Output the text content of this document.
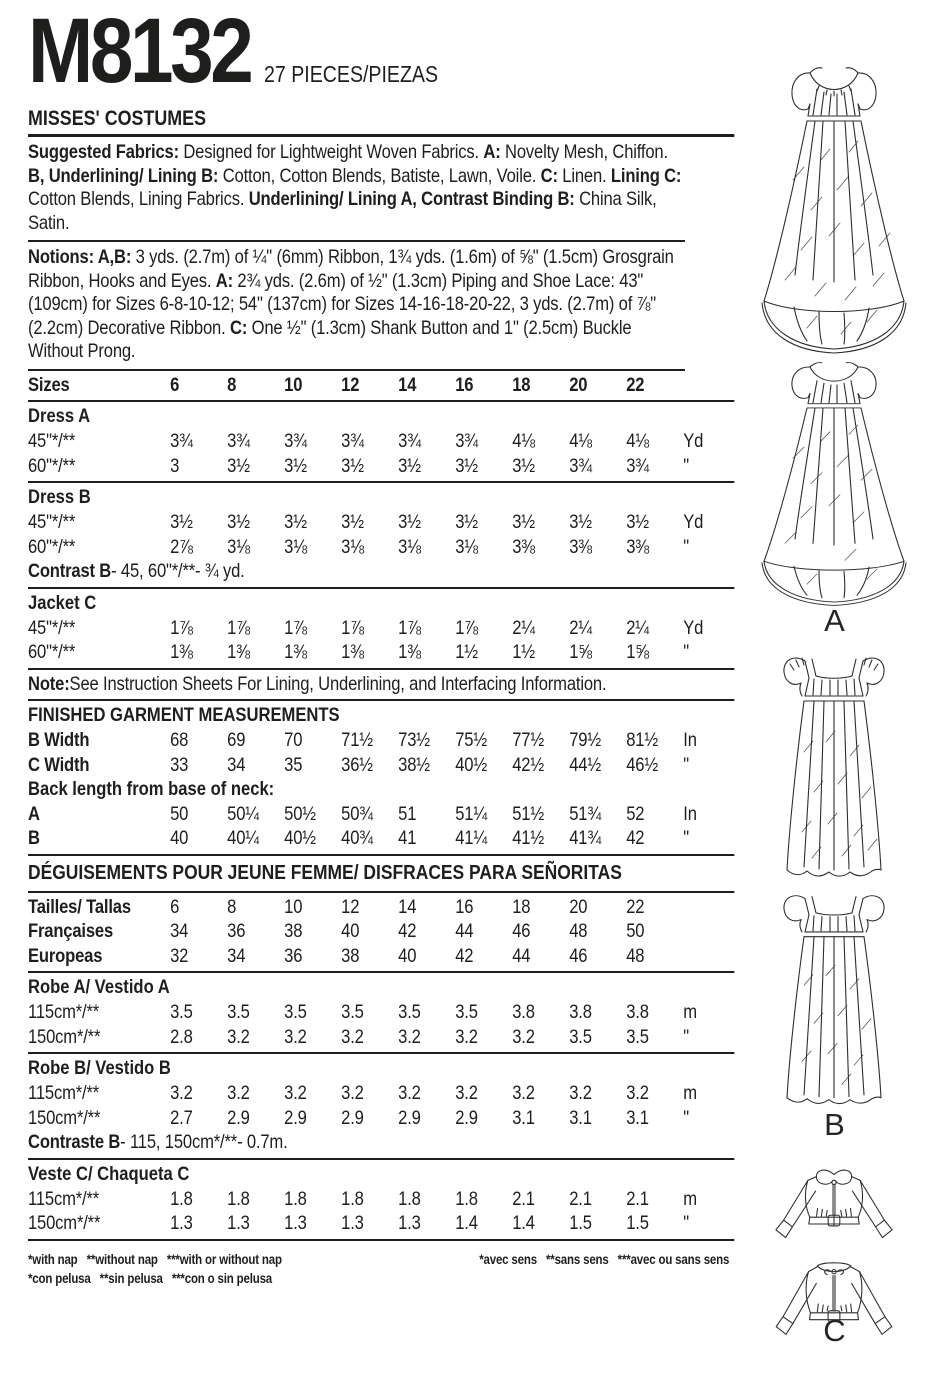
M8132 27 PIECES/PIEZAS
MISSES' COSTUMES

Suggested Fabrics: Designed for Lightweight Woven Fabrics. A: Novelty Mesh, Chiffon. B, Underlining/ Lining B: Cotton, Cotton Blends, Batiste, Lawn, Voile. C: Linen. Lining C: Cotton Blends, Lining Fabrics. Underlining/ Lining A, Contrast Binding B: China Silk, Satin.

Notions: A,B: 3 yds. (2.7m) of ¼" (6mm) Ribbon, 1¾ yds. (1.6m) of ⅝" (1.5cm) Grosgrain Ribbon, Hooks and Eyes. A: 2¾ yds. (2.6m) of ½" (1.3cm) Piping and Shoe Lace: 43" (109cm) for Sizes 6-8-10-12; 54" (137cm) for Sizes 14-16-18-20-22, 3 yds. (2.7m) of ⅞" (2.2cm) Decorative Ribbon. C: One ½" (1.3cm) Shank Button and 1" (2.5cm) Buckle Without Prong.

Sizes	6	8	10	12	14	16	18	20	22
Dress A
45"*/**	3¾	3¾	3¾	3¾	3¾	3¾	4⅛	4⅛	4⅛	Yd
60"*/**	3	3½	3½	3½	3½	3½	3½	3¾	3¾	"
Dress B
45"*/**	3½	3½	3½	3½	3½	3½	3½	3½	3½	Yd
60"*/**	2⅞	3⅛	3⅛	3⅛	3⅛	3⅛	3⅜	3⅜	3⅜	"
Contrast B - 45, 60"*/**- ¾ yd.
Jacket C
45"*/**	1⅞	1⅞	1⅞	1⅞	1⅞	1⅞	2¼	2¼	2¼	Yd
60"*/**	1⅜	1⅜	1⅜	1⅜	1⅜	1½	1½	1⅝	1⅝	"
Note: See Instruction Sheets For Lining, Underlining, and Interfacing Information.
FINISHED GARMENT MEASUREMENTS
B Width	68	69	70	71½	73½	75½	77½	79½	81½	In
C Width	33	34	35	36½	38½	40½	42½	44½	46½	"
Back length from base of neck:
A	50	50¼	50½	50¾	51	51¼	51½	51¾	52	In
B	40	40¼	40½	40¾	41	41¼	41½	41¾	42	"
DÉGUISEMENTS POUR JEUNE FEMME/ DISFRACES PARA SEÑORITAS
Tailles/ Tallas	6	8	10	12	14	16	18	20	22
Françaises	34	36	38	40	42	44	46	48	50
Europeas	32	34	36	38	40	42	44	46	48
Robe A/ Vestido A
115cm*/**	3.5	3.5	3.5	3.5	3.5	3.5	3.8	3.8	3.8	m
150cm*/**	2.8	3.2	3.2	3.2	3.2	3.2	3.2	3.5	3.5	"
Robe B/ Vestido B
115cm*/**	3.2	3.2	3.2	3.2	3.2	3.2	3.2	3.2	3.2	m
150cm*/**	2.7	2.9	2.9	2.9	2.9	2.9	3.1	3.1	3.1	"
Contraste B - 115, 150cm*/**- 0.7m.
Veste C/ Chaqueta C
115cm*/**	1.8	1.8	1.8	1.8	1.8	1.8	2.1	2.1	2.1	m
150cm*/**	1.3	1.3	1.3	1.3	1.3	1.4	1.4	1.5	1.5	"
*with nap   **without nap   ***with or without nap
*con pelusa   **sin pelusa   ***con o sin pelusa
*avec sens   **sans sens   ***avec ou sans sens
A
B
C
